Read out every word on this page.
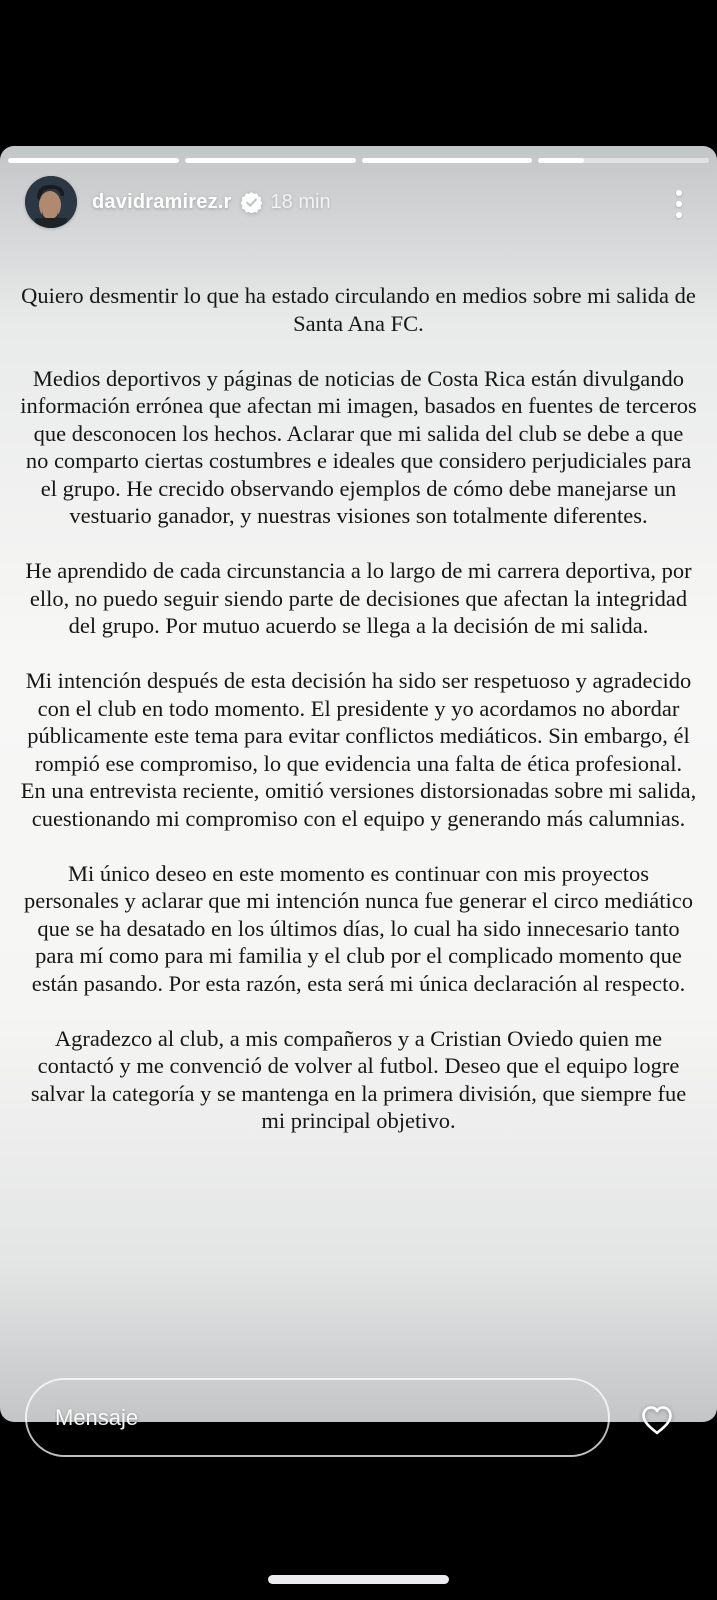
davidramirez.r 18 min

Quiero desmentir lo que ha estado circulando en medios sobre mi salida de Santa Ana FC.

Medios deportivos y páginas de noticias de Costa Rica están divulgando información errónea que afectan mi imagen, basados en fuentes de terceros que desconocen los hechos. Aclarar que mi salida del club se debe a que no comparto ciertas costumbres e ideales que considero perjudiciales para el grupo. He crecido observando ejemplos de cómo debe manejarse un vestuario ganador, y nuestras visiones son totalmente diferentes.

He aprendido de cada circunstancia a lo largo de mi carrera deportiva, por ello, no puedo seguir siendo parte de decisiones que afectan la integridad del grupo. Por mutuo acuerdo se llega a la decisión de mi salida.

Mi intención después de esta decisión ha sido ser respetuoso y agradecido con el club en todo momento. El presidente y yo acordamos no abordar públicamente este tema para evitar conflictos mediáticos. Sin embargo, él rompió ese compromiso, lo que evidencia una falta de ética profesional. En una entrevista reciente, omitió versiones distorsionadas sobre mi salida, cuestionando mi compromiso con el equipo y generando más calumnias.

Mi único deseo en este momento es continuar con mis proyectos personales y aclarar que mi intención nunca fue generar el circo mediático que se ha desatado en los últimos días, lo cual ha sido innecesario tanto para mí como para mi familia y el club por el complicado momento que están pasando. Por esta razón, esta será mi única declaración al respecto.

Agradezco al club, a mis compañeros y a Cristian Oviedo quien me contactó y me convenció de volver al futbol. Deseo que el equipo logre salvar la categoría y se mantenga en la primera división, que siempre fue mi principal objetivo.

Mensaje
